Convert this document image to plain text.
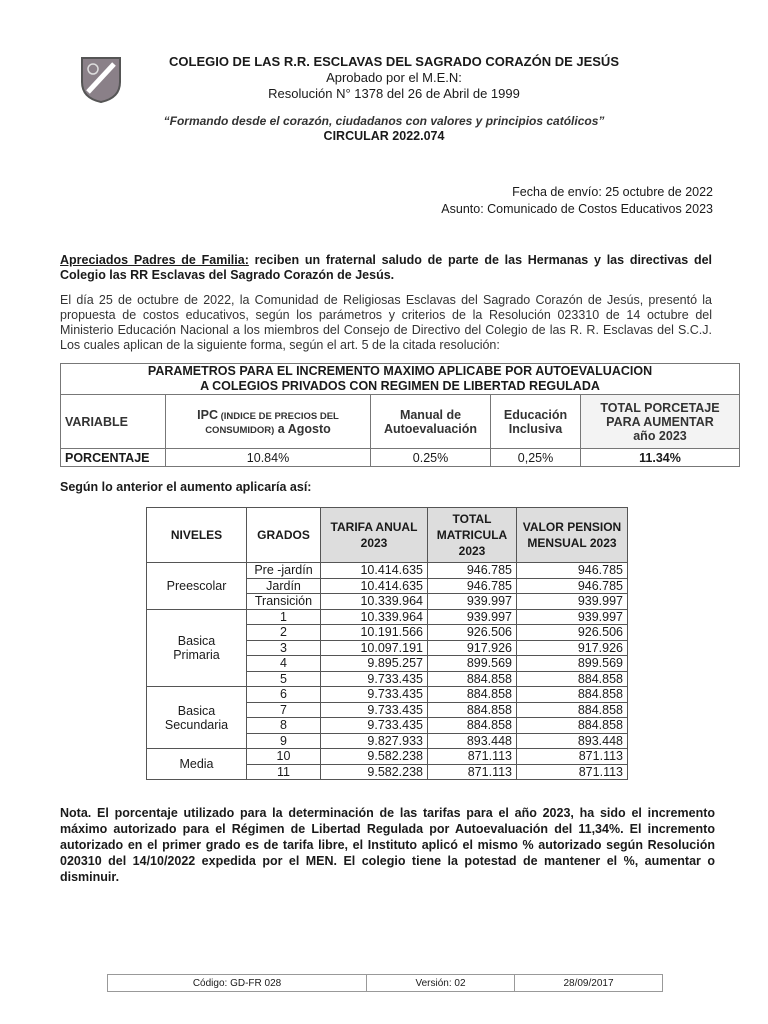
COLEGIO DE LAS R.R. ESCLAVAS DEL SAGRADO CORAZÓN DE JESÚS
Aprobado por el M.E.N:
Resolución N° 1378 del 26 de Abril de 1999
“Formando desde el corazón, ciudadanos con valores y principios católicos”
CIRCULAR 2022.074
Fecha de envío: 25 octubre de 2022
Asunto: Comunicado de Costos Educativos 2023
Apreciados Padres de Familia: reciben un fraternal saludo de parte de las Hermanas y las directivas del Colegio las RR Esclavas del Sagrado Corazón de Jesús.
El día 25 de octubre de 2022, la Comunidad de Religiosas Esclavas del Sagrado Corazón de Jesús, presentó la propuesta de costos educativos, según los parámetros y criterios de la Resolución 023310 de 14 octubre del Ministerio Educación Nacional a los miembros del Consejo de Directivo del Colegio de las R. R. Esclavas del S.C.J. Los cuales aplican de la siguiente forma, según el art. 5 de la citada resolución:
PARAMETROS PARA EL INCREMENTO MAXIMO APLICABE POR AUTOEVALUACION
A COLEGIOS PRIVADOS CON REGIMEN DE LIBERTAD REGULADA				

VARIABLE	IPC (INDICE DE PRECIOS DEL CONSUMIDOR) a Agosto	Manual de Autoevaluación	Educación Inclusiva	TOTAL PORCETAJE PARA AUMENTAR
año 2023

PORCENTAJE	10.84%	0.25%	0,25%	11.34%
Según lo anterior el aumento aplicaría así:
NIVELES	GRADOS	TARIFA ANUAL 2023	TOTAL MATRICULA 2023	VALOR PENSION MENSUAL 2023
Preescolar	Pre -jardín	10.414.635	946.785	946.785
	Jardín	10.414.635	946.785	946.785
	Transición	10.339.964	939.997	939.997
Basica Primaria	1	10.339.964	939.997	939.997
	2	10.191.566	926.506	926.506
	3	10.097.191	917.926	917.926
	4	9.895.257	899.569	899.569
	5	9.733.435	884.858	884.858
Basica Secundaria	6	9.733.435	884.858	884.858
	7	9.733.435	884.858	884.858
	8	9.733.435	884.858	884.858
	9	9.827.933	893.448	893.448
Media	10	9.582.238	871.113	871.113
	11	9.582.238	871.113	871.113
Nota. El porcentaje utilizado para la determinación de las tarifas para el año 2023, ha sido el incremento máximo autorizado para el Régimen de Libertad Regulada por Autoevaluación del 11,34%. El incremento autorizado en el primer grado es de tarifa libre, el Instituto aplicó el mismo % autorizado según Resolución 020310 del 14/10/2022 expedida por el MEN. El colegio tiene la potestad de mantener el %, aumentar o disminuir.
Código: GD-FR 028	Versión: 02	28/09/2017
